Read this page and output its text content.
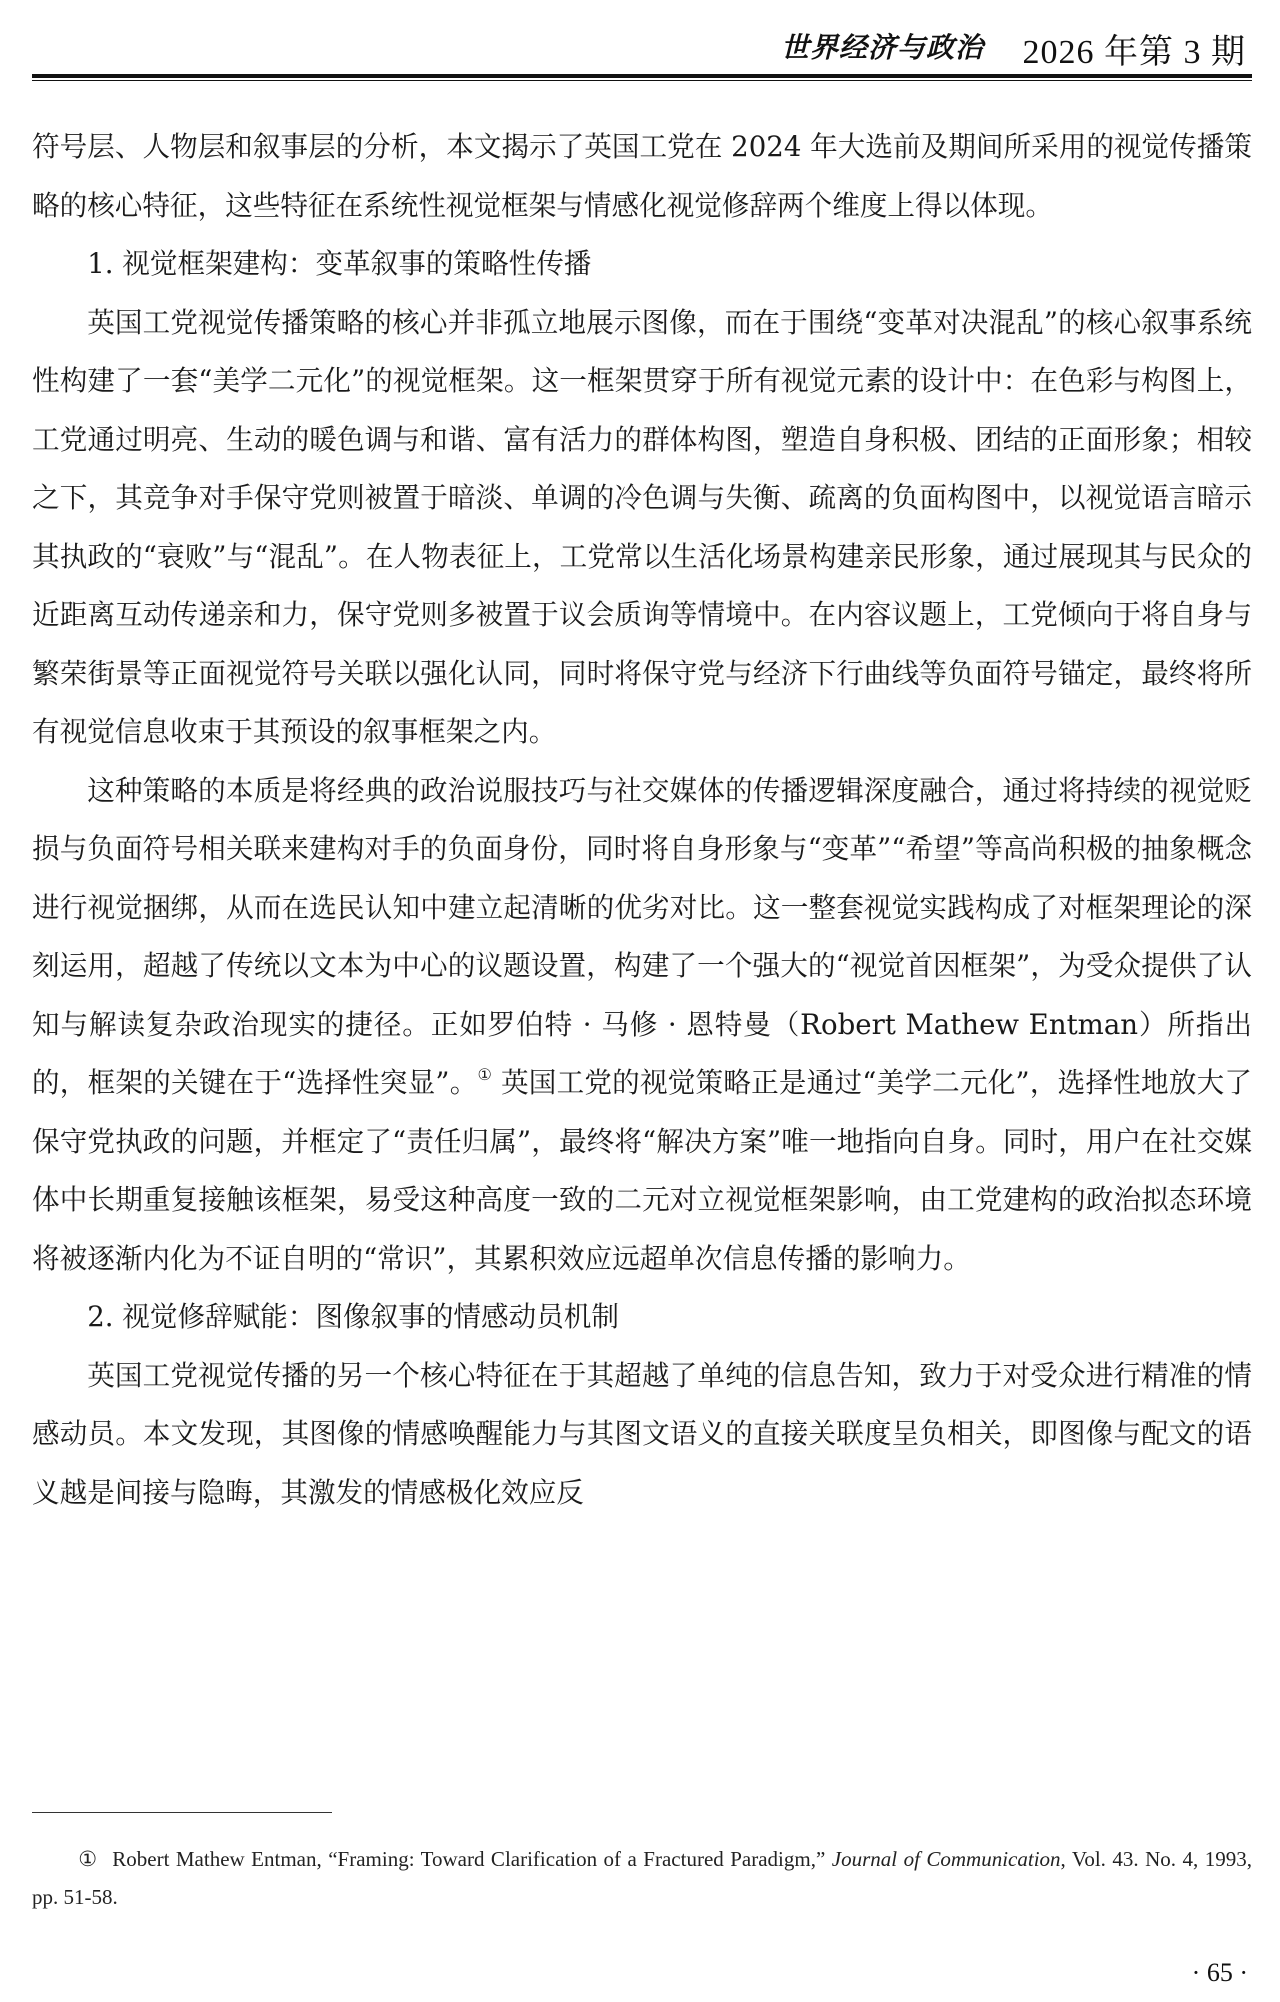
世界经济与政治 2026 年第 3 期

符号层、人物层和叙事层的分析，本文揭示了英国工党在 2024 年大选前及期间所采用的视觉传播策略的核心特征，这些特征在系统性视觉框架与情感化视觉修辞两个维度上得以体现。

1. 视觉框架建构：变革叙事的策略性传播

英国工党视觉传播策略的核心并非孤立地展示图像，而在于围绕“变革对决混乱”的核心叙事系统性构建了一套“美学二元化”的视觉框架。这一框架贯穿于所有视觉元素的设计中：在色彩与构图上，工党通过明亮、生动的暖色调与和谐、富有活力的群体构图，塑造自身积极、团结的正面形象；相较之下，其竞争对手保守党则被置于暗淡、单调的冷色调与失衡、疏离的负面构图中，以视觉语言暗示其执政的“衰败”与“混乱”。在人物表征上，工党常以生活化场景构建亲民形象，通过展现其与民众的近距离互动传递亲和力，保守党则多被置于议会质询等情境中。在内容议题上，工党倾向于将自身与繁荣街景等正面视觉符号关联以强化认同，同时将保守党与经济下行曲线等负面符号锚定，最终将所有视觉信息收束于其预设的叙事框架之内。

这种策略的本质是将经典的政治说服技巧与社交媒体的传播逻辑深度融合，通过将持续的视觉贬损与负面符号相关联来建构对手的负面身份，同时将自身形象与“变革”“希望”等高尚积极的抽象概念进行视觉捆绑，从而在选民认知中建立起清晰的优劣对比。这一整套视觉实践构成了对框架理论的深刻运用，超越了传统以文本为中心的议题设置，构建了一个强大的“视觉首因框架”，为受众提供了认知与解读复杂政治现实的捷径。正如罗伯特 · 马修 · 恩特曼（Robert Mathew Entman）所指出的，框架的关键在于“选择性突显”。① 英国工党的视觉策略正是通过“美学二元化”，选择性地放大了保守党执政的问题，并框定了“责任归属”，最终将“解决方案”唯一地指向自身。同时，用户在社交媒体中长期重复接触该框架，易受这种高度一致的二元对立视觉框架影响，由工党建构的政治拟态环境将被逐渐内化为不证自明的“常识”，其累积效应远超单次信息传播的影响力。

2. 视觉修辞赋能：图像叙事的情感动员机制

英国工党视觉传播的另一个核心特征在于其超越了单纯的信息告知，致力于对受众进行精准的情感动员。本文发现，其图像的情感唤醒能力与其图文语义的直接关联度呈负相关，即图像与配文的语义越是间接与隐晦，其激发的情感极化效应反

① Robert Mathew Entman, “Framing: Toward Clarification of a Fractured Paradigm,” Journal of Communication, Vol. 43. No. 4, 1993, pp. 51-58.
· 65 ·
